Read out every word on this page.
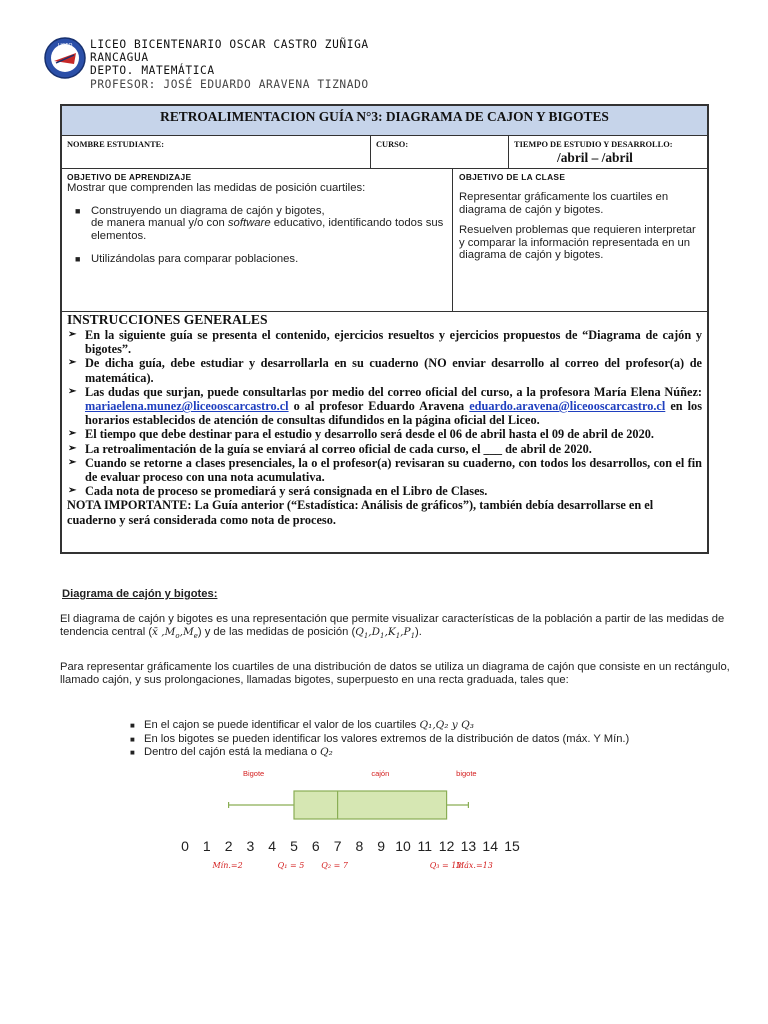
LICEO LICEO BICENTENARIO OSCAR CASTRO ZUÑIGA
RANCAGUA
DEPTO. MATEMÁTICA
PROFESOR: JOSÉ EDUARDO ARAVENA TIZNADO
RETROALIMENTACION GUÍA N°3: DIAGRAMA DE CAJON Y BIGOTES
NOMBRE ESTUDIANTE:	CURSO:	TIEMPO DE ESTUDIO Y DESARROLLO:
/abril – /abril
OBJETIVO DE APRENDIZAJE
Mostrar que comprenden las medidas de posición cuartiles:
■ Construyendo un diagrama de cajón y bigotes,
de manera manual y/o con software educativo, identificando todos sus elementos.
■ Utilizándolas para comparar poblaciones.
OBJETIVO DE LA CLASE
Representar gráficamente los cuartiles en diagrama de cajón y bigotes.
Resuelven problemas que requieren interpretar y comparar la información representada en un diagrama de cajón y bigotes.
INSTRUCCIONES GENERALES
➢ En la siguiente guía se presenta el contenido, ejercicios resueltos y ejercicios propuestos de “Diagrama de cajón y bigotes”.
➢ De dicha guía, debe estudiar y desarrollarla en su cuaderno (NO enviar desarrollo al correo del profesor(a) de matemática).
➢ Las dudas que surjan, puede consultarlas por medio del correo oficial del curso, a la profesora María Elena Núñez: mariaelena.munez@liceooscarcastro.cl o al profesor Eduardo Aravena eduardo.aravena@liceooscarcastro.cl en los horarios establecidos de atención de consultas difundidos en la página oficial del Liceo.
➢ El tiempo que debe destinar para el estudio y desarrollo será desde el 06 de abril hasta el 09 de abril de 2020.
➢ La retroalimentación de la guía se enviará al correo oficial de cada curso, el ___ de abril de 2020.
➢ Cuando se retorne a clases presenciales, la o el profesor(a) revisaran su cuaderno, con todos los desarrollos, con el fin de evaluar proceso con una nota acumulativa.
➢ Cada nota de proceso se promediará y será consignada en el Libro de Clases.
NOTA IMPORTANTE: La Guía anterior (“Estadística: Análisis de gráficos”), también debía desarrollarse en el cuaderno y será considerada como nota de proceso.
Diagrama de cajón y bigotes:
El diagrama de cajón y bigotes es una representación que permite visualizar características de la población a partir de las medidas de tendencia central (x̄ $,M_o,M_e$) y de las medidas de posición $(Q_1,D_1,K_1,P_1)$.
Para representar gráficamente los cuartiles de una distribución de datos se utiliza un diagrama de cajón que consiste en un rectángulo, llamado cajón, y sus prolongaciones, llamadas bigotes, superpuesto en una recta graduada, tales que:
■ En el cajon se puede identificar el valor de los cuartiles Q₁,Q₂ y Q₃
■ En los bigotes se pueden identificar los valores extremos de la distribución de datos (máx. Y Mín.)
■ Dentro del cajón está la mediana o Q₂
Bigote	cajón	bigote
0 1 2 3 4 5 6 7 8 9 10 11 12 13 14 15
Mín.=2	Q₁ = 5 Q₂ = 7	Q₃ = 12
Máx.=13
